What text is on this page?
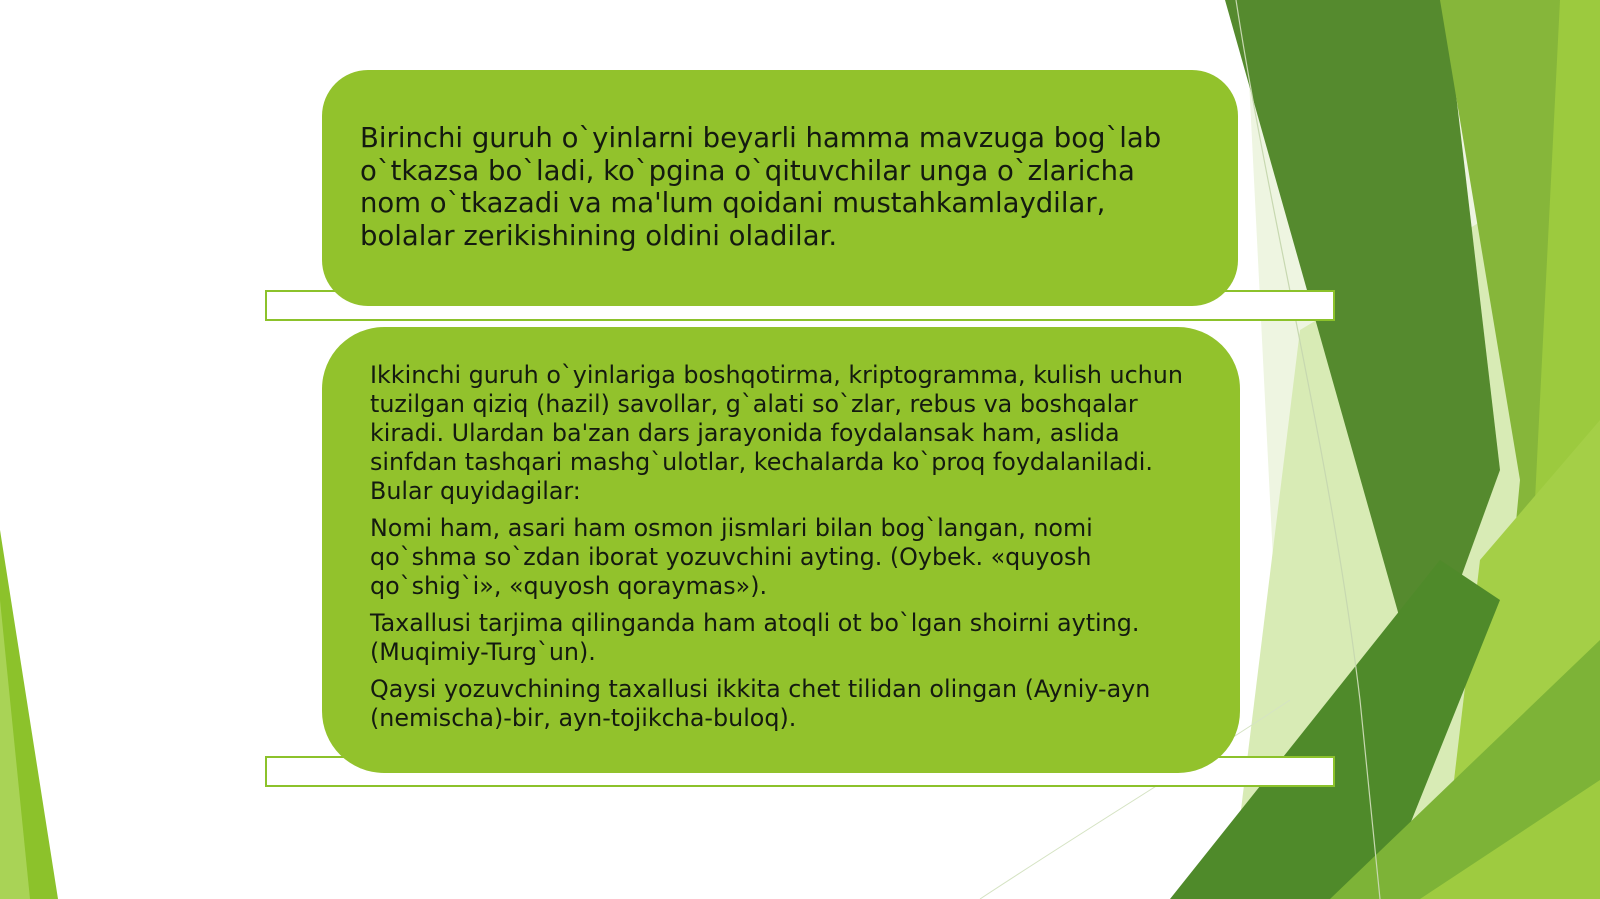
Birinchi guruh o`yinlarni beyarli hamma mavzuga bog`lab o`tkazsa bo`ladi, ko`pgina o`qituvchilar unga o`zlaricha nom o`tkazadi va ma'lum qoidani mustahkamlaydilar, bolalar zerikishining oldini oladilar.

Ikkinchi guruh o`yinlariga boshqotirma, kriptogramma, kulish uchun tuzilgan qiziq (hazil) savollar, g`alati so`zlar, rebus va boshqalar kiradi. Ulardan ba'zan dars jarayonida foydalansak ham, aslida sinfdan tashqari mashg`ulotlar, kechalarda ko`proq foydalaniladi. Bular quyidagilar:

Nomi ham, asari ham osmon jismlari bilan bog`langan, nomi qo`shma so`zdan iborat yozuvchini ayting. (Oybek. «quyosh qo`shig`i», «quyosh qoraymas»).

Taxallusi tarjima qilinganda ham atoqli ot bo`lgan shoirni ayting. (Muqimiy-Turg`un).

Qaysi yozuvchining taxallusi ikkita chet tilidan olingan (Ayniy-ayn (nemischa)-bir, ayn-tojikcha-buloq).
